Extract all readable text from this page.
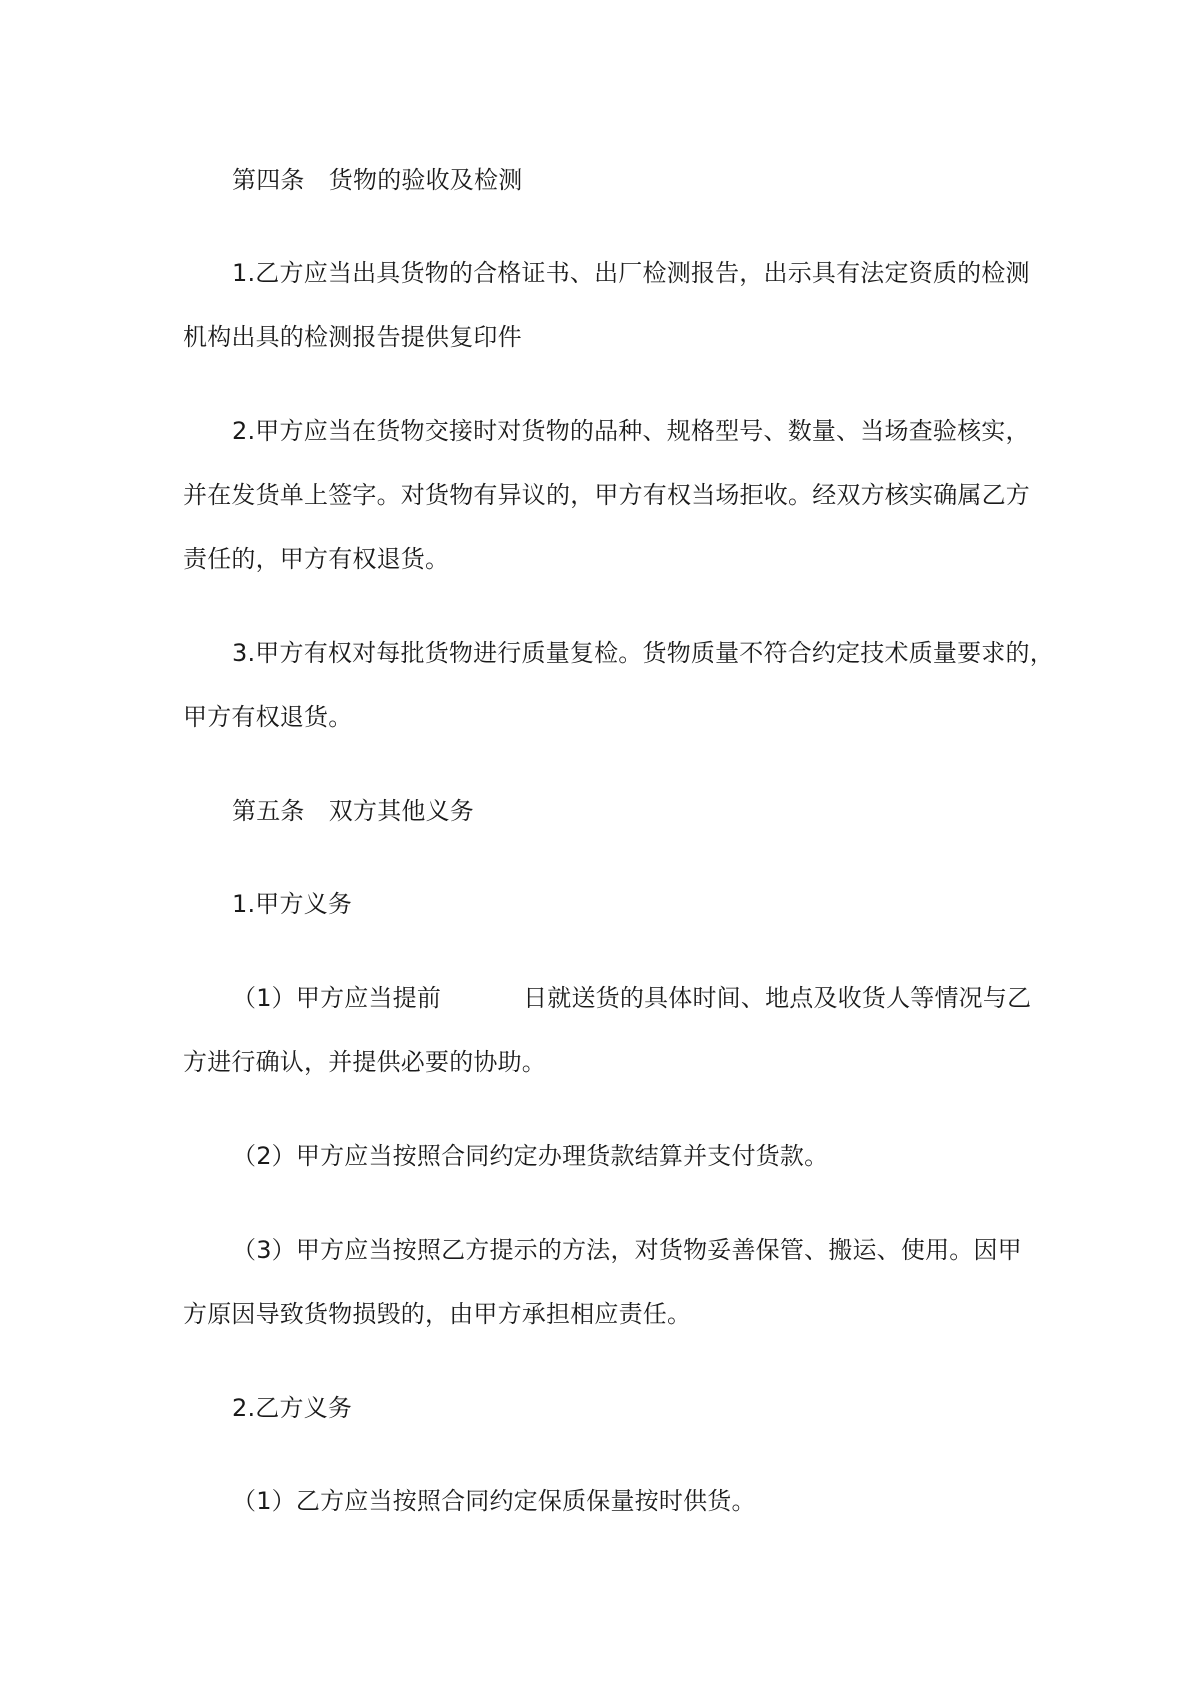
第四条　货物的验收及检测
1.乙方应当出具货物的合格证书、出厂检测报告，出示具有法定资质的检测
机构出具的检测报告提供复印件
2.甲方应当在货物交接时对货物的品种、规格型号、数量、当场查验核实，
并在发货单上签字。对货物有异议的，甲方有权当场拒收。经双方核实确属乙方
责任的，甲方有权退货。
3.甲方有权对每批货物进行质量复检。货物质量不符合约定技术质量要求的，
甲方有权退货。
第五条　双方其他义务
1.甲方义务
（1）甲方应当提前	日就送货的具体时间、地点及收货人等情况与乙
方进行确认，并提供必要的协助。
（2）甲方应当按照合同约定办理货款结算并支付货款。
（3）甲方应当按照乙方提示的方法，对货物妥善保管、搬运、使用。因甲
方原因导致货物损毁的，由甲方承担相应责任。
2.乙方义务
（1）乙方应当按照合同约定保质保量按时供货。
